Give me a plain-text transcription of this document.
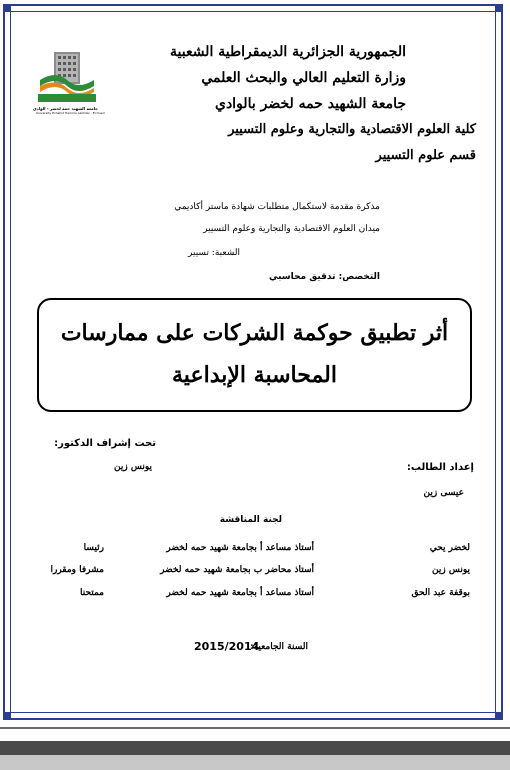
جامعة الشهيد حمه لخضر - الوادي
University Echahid Hamma Lakhdar - El Oued
الجمهورية الجزائرية الديمقراطية الشعبية
وزارة التعليم العالي والبحث العلمي
جامعة الشهيد حمه لخضر بالوادي
كلية العلوم الاقتصادية والتجارية وعلوم التسيير
قسم علوم التسيير
مذكرة مقدمة لاستكمال متطلبات شهادة ماستر أكاديمي
ميدان العلوم الاقتصادية والتجارية وعلوم التسيير
الشعبة: تسيير
التخصص: تدقيق محاسبي
أثر تطبيق حوكمة الشركات على ممارسات
المحاسبة الإبداعية
تحت إشراف الدكتور:
يونس زين	إعداد الطالب:
عيسى زين
لجنة المناقشة
لخضر يحي
أستاذ مساعد أ بجامعة شهيد حمه لخضر
رئيسا
يونس زين
أستاذ محاضر ب بجامعة شهيد حمه لخضر
مشرفا ومقررا
بوقفة عبد الحق
أستاذ مساعد أ بجامعة شهيد حمه لخضر
ممتحنا
السنة الجامعية:
2015/2014
